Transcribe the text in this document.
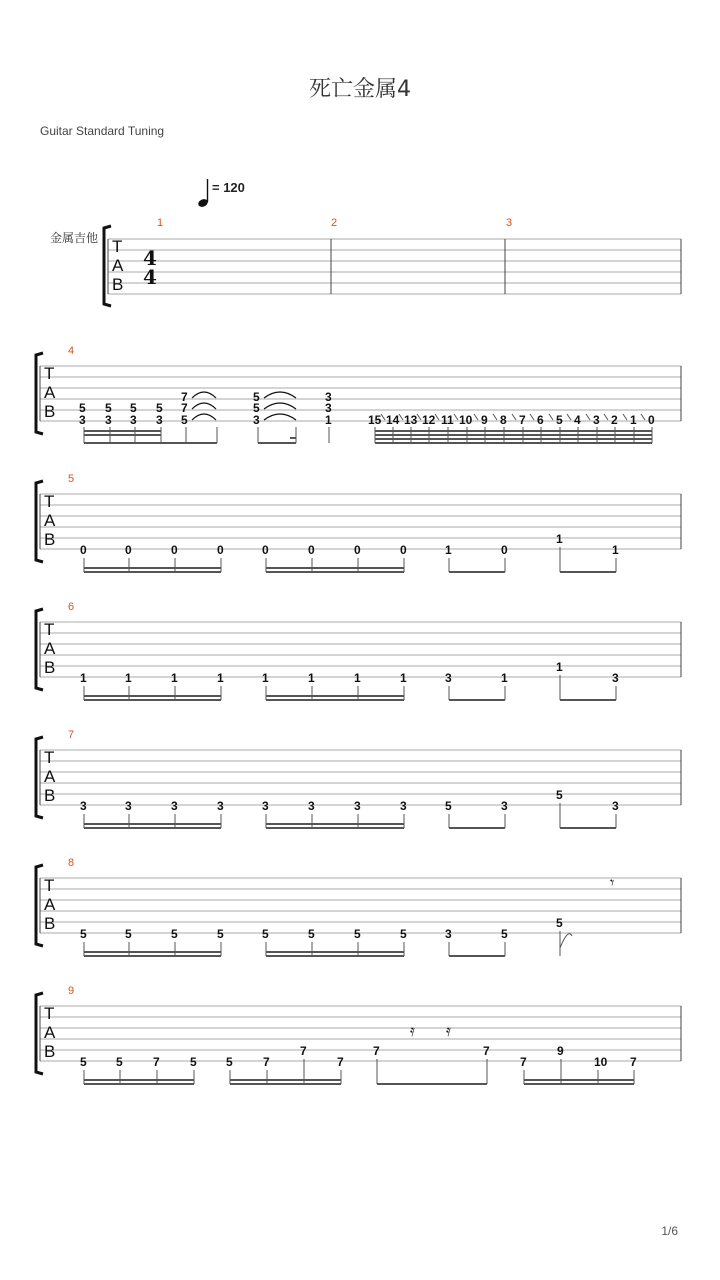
死亡金属4
Guitar Standard Tuning
= 120
金属吉他
1/6
T
A
B
4
4
1	2	3
T
A
B
4
5
3
5
3
5
3
5
3
7
7
5
5
5
3
3
3
1	15 14 13 12 11 10 9 8 7 6 5 4 3 2 1 0
T
A
B
5
0	0	0	0	0	0	0	0	1	0
1
1
T
A
B
6
1	1	1	1	1	1	1	1	3	1
1
3
T
A
B
7
3	3	3	3	3	3	3	3	5	3
5
3
T
A
B
8
5	5	5	5	5	5	5	5	3	5
5
𝄾
T
A
B
9
5 5	7	5 5	7
7
7
7	7
7
9
10 7
𝄿 𝄿
